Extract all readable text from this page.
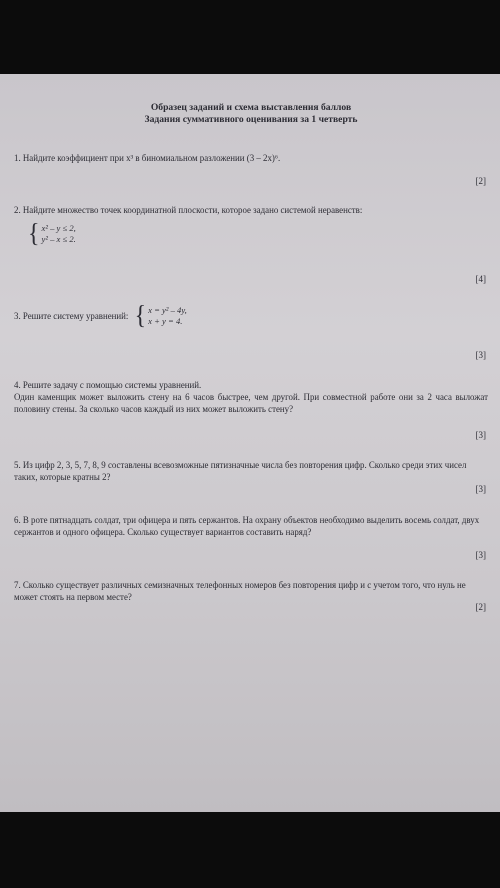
Образец заданий и схема выставления баллов
Задания суммативного оценивания за 1 четверть

1. Найдите коэффициент при x³ в биномиальном разложении (3 – 2x)⁶.

[2]

2. Найдите множество точек координатной плоскости, которое задано системой неравенств:

{ x² – y ≤ 2,
y² – x ≤ 2.
[4]
3. Решите систему уравнений: { x = y² – 4y,
x + y = 4.
[3]

4. Решите задачу с помощью системы уравнений.

Один каменщик может выложить стену на 6 часов быстрее, чем другой. При совместной работе они за 2 часа выложат половину стены. За сколько часов каждый из них может выложить стену?

[3]

5. Из цифр 2, 3, 5, 7, 8, 9 составлены всевозможные пятизначные числа без повторения цифр. Сколько среди этих чисел таких, которые кратны 2?

[3]

6. В роте пятнадцать солдат, три офицера и пять сержантов. На охрану объектов необходимо выделить восемь солдат, двух сержантов и одного офицера. Сколько существует вариантов составить наряд?

[3]

7. Сколько существует различных семизначных телефонных номеров без повторения цифр и с учетом того, что нуль не может стоять на первом месте?

[2]
